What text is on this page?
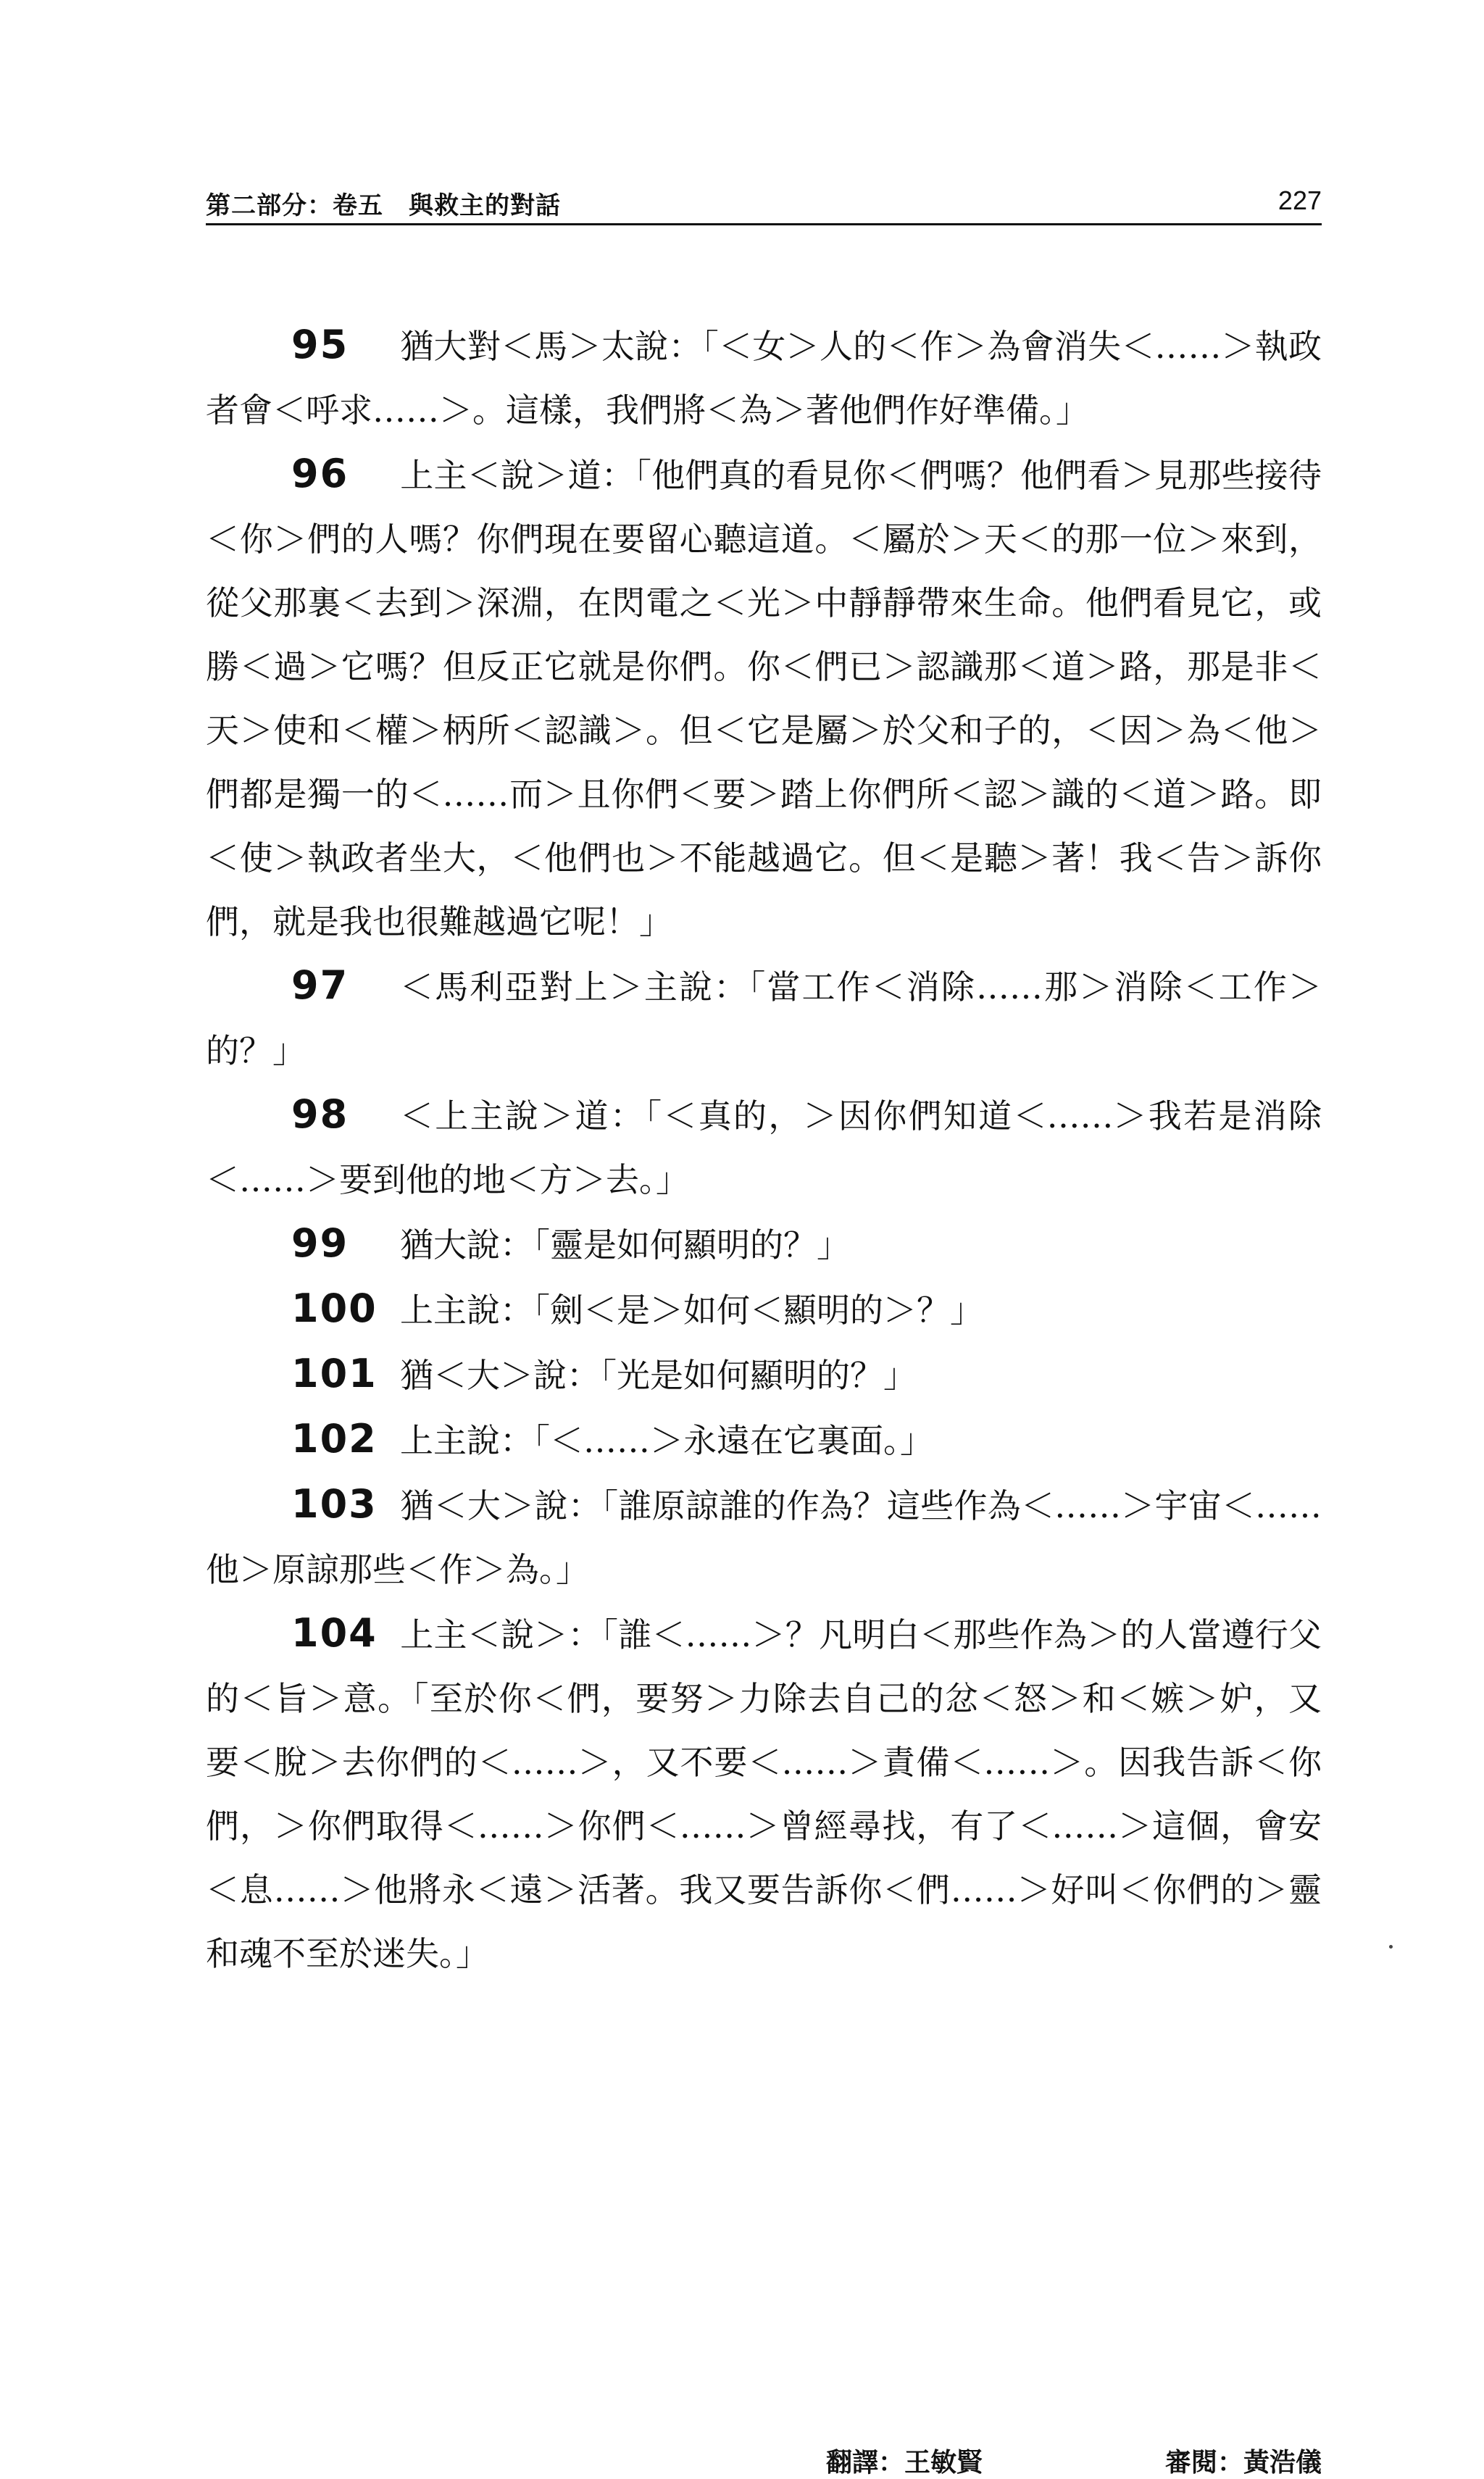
第二部分：卷五　與救主的對話	227

95 猶大對＜馬＞太說：「＜女＞人的＜作＞為會消失＜……＞執政者會＜呼求……＞。這樣，我們將＜為＞著他們作好準備。」

96 上主＜說＞道：「他們真的看見你＜們嗎？他們看＞見那些接待＜你＞們的人嗎？你們現在要留心聽這道。＜屬於＞天＜的那一位＞來到，從父那裏＜去到＞深淵，在閃電之＜光＞中靜靜帶來生命。他們看見它，或勝＜過＞它嗎？但反正它就是你們。你＜們已＞認識那＜道＞路，那是非＜天＞使和＜權＞柄所＜認識＞。但＜它是屬＞於父和子的，＜因＞為＜他＞們都是獨一的＜……而＞且你們＜要＞踏上你們所＜認＞識的＜道＞路。即＜使＞執政者坐大，＜他們也＞不能越過它。但＜是聽＞著！我＜告＞訴你們，就是我也很難越過它呢！」

97 ＜馬利亞對上＞主說：「當工作＜消除……那＞消除＜工作＞的？」

98 ＜上主說＞道：「＜真的，＞因你們知道＜……＞我若是消除＜……＞要到他的地＜方＞去。」

99 猶大說：「靈是如何顯明的？」

100 上主說：「劍＜是＞如何＜顯明的＞？」

101 猶＜大＞說：「光是如何顯明的？」

102 上主說：「＜……＞永遠在它裏面。」

103 猶＜大＞說：「誰原諒誰的作為？這些作為＜……＞宇宙＜……他＞原諒那些＜作＞為。」

104 上主＜說＞：「誰＜……＞？凡明白＜那些作為＞的人當遵行父的＜旨＞意。「至於你＜們，要努＞力除去自己的忿＜怒＞和＜嫉＞妒，又要＜脫＞去你們的＜……＞，又不要＜……＞責備＜……＞。因我告訴＜你們，＞你們取得＜……＞你們＜……＞曾經尋找，有了＜……＞這個，會安＜息……＞他將永＜遠＞活著。我又要告訴你＜們……＞好叫＜你們的＞靈和魂不至於迷失。」

翻譯：王敏賢	審閱：黃浩儀
